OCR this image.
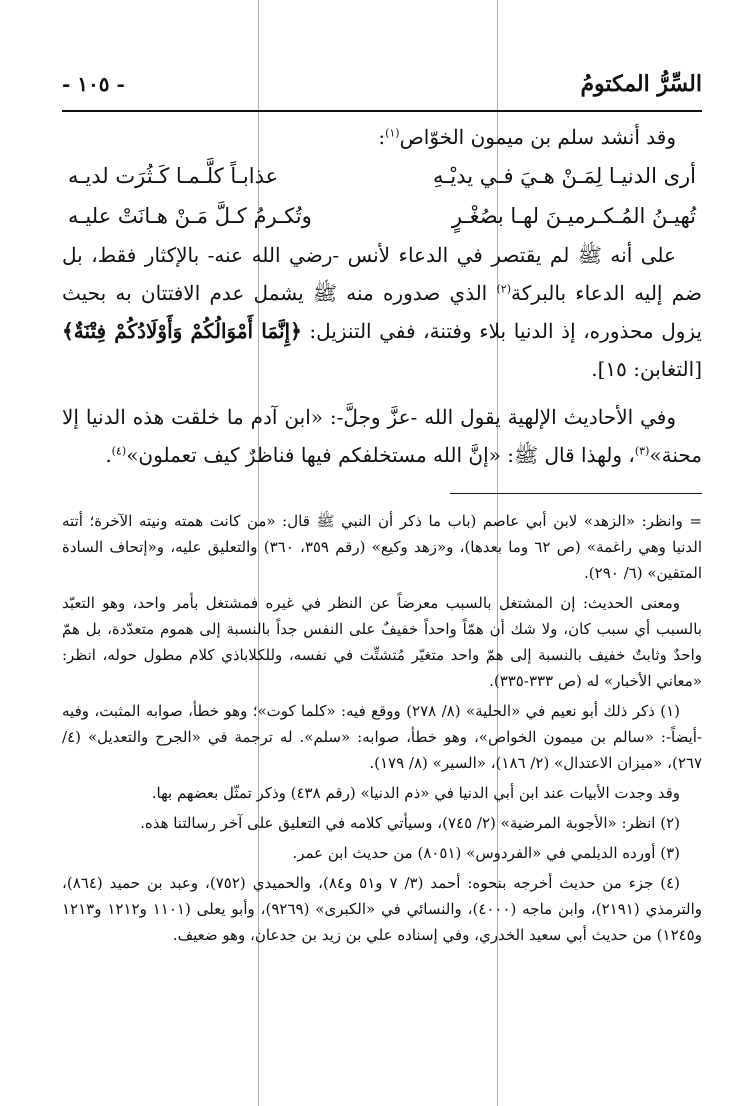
السِّرُّ المكتومُ
- ١٠٥ -

وقد أنشد سلم بن ميمون الخوّاص$^{(١)}$:

أرى الدنيـا لِمَـنْ هـيَ فـي يديْـهِ
عذابـاً كلَّـمـا كَـثُرَت لديـه
تُهيـنُ المُـكـرميـنَ لهـا بصُغْـرٍ
وتُكـرمُ كـلَّ مَـنْ هـانَتْ عليـه

على أنه ﷺ لم يقتصر في الدعاء لأنس -رضي الله عنه- بالإكثار فقط، بل ضم إليه الدعاء بالبركة$^{(٢)}$ الذي صدوره منه ﷺ يشمل عدم الافتتان به بحيث يزول محذوره، إذ الدنيا بلاء وفتنة، ففي التنزيل: ﴿إِنَّمَا أَمْوَالُكُمْ وَأَوْلَادُكُمْ فِتْنَةٌ﴾ [التغابن: ١٥].

وفي الأحاديث الإلهية يقول الله -عزَّ وجلَّ-: «ابن آدم ما خلقت هذه الدنيا إلا محنة»$^{(٣)}$، ولهذا قال ﷺ: «إنَّ الله مستخلفكم فيها فناظرٌ كيف تعملون»$^{(٤)}$.

= وانظر: «الزهد» لابن أبي عاصم (باب ما ذكر أن النبي ﷺ قال: «من كانت همته ونيته الآخرة؛ أتته الدنيا وهي راغمة» (ص ٦٢ وما بعدها)، و«زهد وكيع» (رقم ٣٥٩، ٣٦٠) والتعليق عليه، و«إتحاف السادة المتقين» (٦/ ٢٩٠).

ومعنى الحديث: إن المشتغل بالسبب معرضاً عن النظر في غيره فمشتغل بأمر واحد، وهو التعبّد بالسبب أي سبب كان، ولا شك أن همّاً واحداً خفيفٌ على النفس جداً بالنسبة إلى هموم متعدّدة، بل همّ واحدٌ وثابتٌ خفيف بالنسبة إلى همّ واحد متغيّر مُتشتِّت في نفسه، وللكلاباذي كلام مطول حوله، انظر: «معاني الأخبار» له (ص ٣٣٣-٣٣٥).

(١) ذكر ذلك أبو نعيم في «الحلية» (٨/ ٢٧٨) ووقع فيه: «كلما كوت»؛ وهو خطأ، صوابه المثبت، وفيه -أيضاً-: «سالم بن ميمون الخواص»، وهو خطأ، صوابه: «سلم». له ترجمة في «الجرح والتعديل» (٤/ ٢٦٧)، «ميزان الاعتدال» (٢/ ١٨٦)، «السير» (٨/ ١٧٩).

وقد وجدت الأبيات عند ابن أبي الدنيا في «ذم الدنيا» (رقم ٤٣٨) وذكر تمثّل بعضهم بها.

(٢) انظر: «الأجوبة المرضية» (٢/ ٧٤٥)، وسيأتي كلامه في التعليق على آخر رسالتنا هذه.

(٣) أورده الديلمي في «الفردوس» (٨٠٥١) من حديث ابن عمر.

(٤) جزء من حديث أخرجه بنحوه: أحمد (٣/ ٧ و٥١ و٨٤)، والحميدي (٧٥٢)، وعبد بن حميد (٨٦٤)، والترمذي (٢١٩١)، وابن ماجه (٤٠٠٠)، والنسائي في «الكبرى» (٩٢٦٩)، وأبو يعلى (١١٠١ و١٢١٢ و١٢١٣ و١٢٤٥) من حديث أبي سعيد الخدري، وفي إسناده علي بن زيد بن جدعان، وهو ضعيف.
